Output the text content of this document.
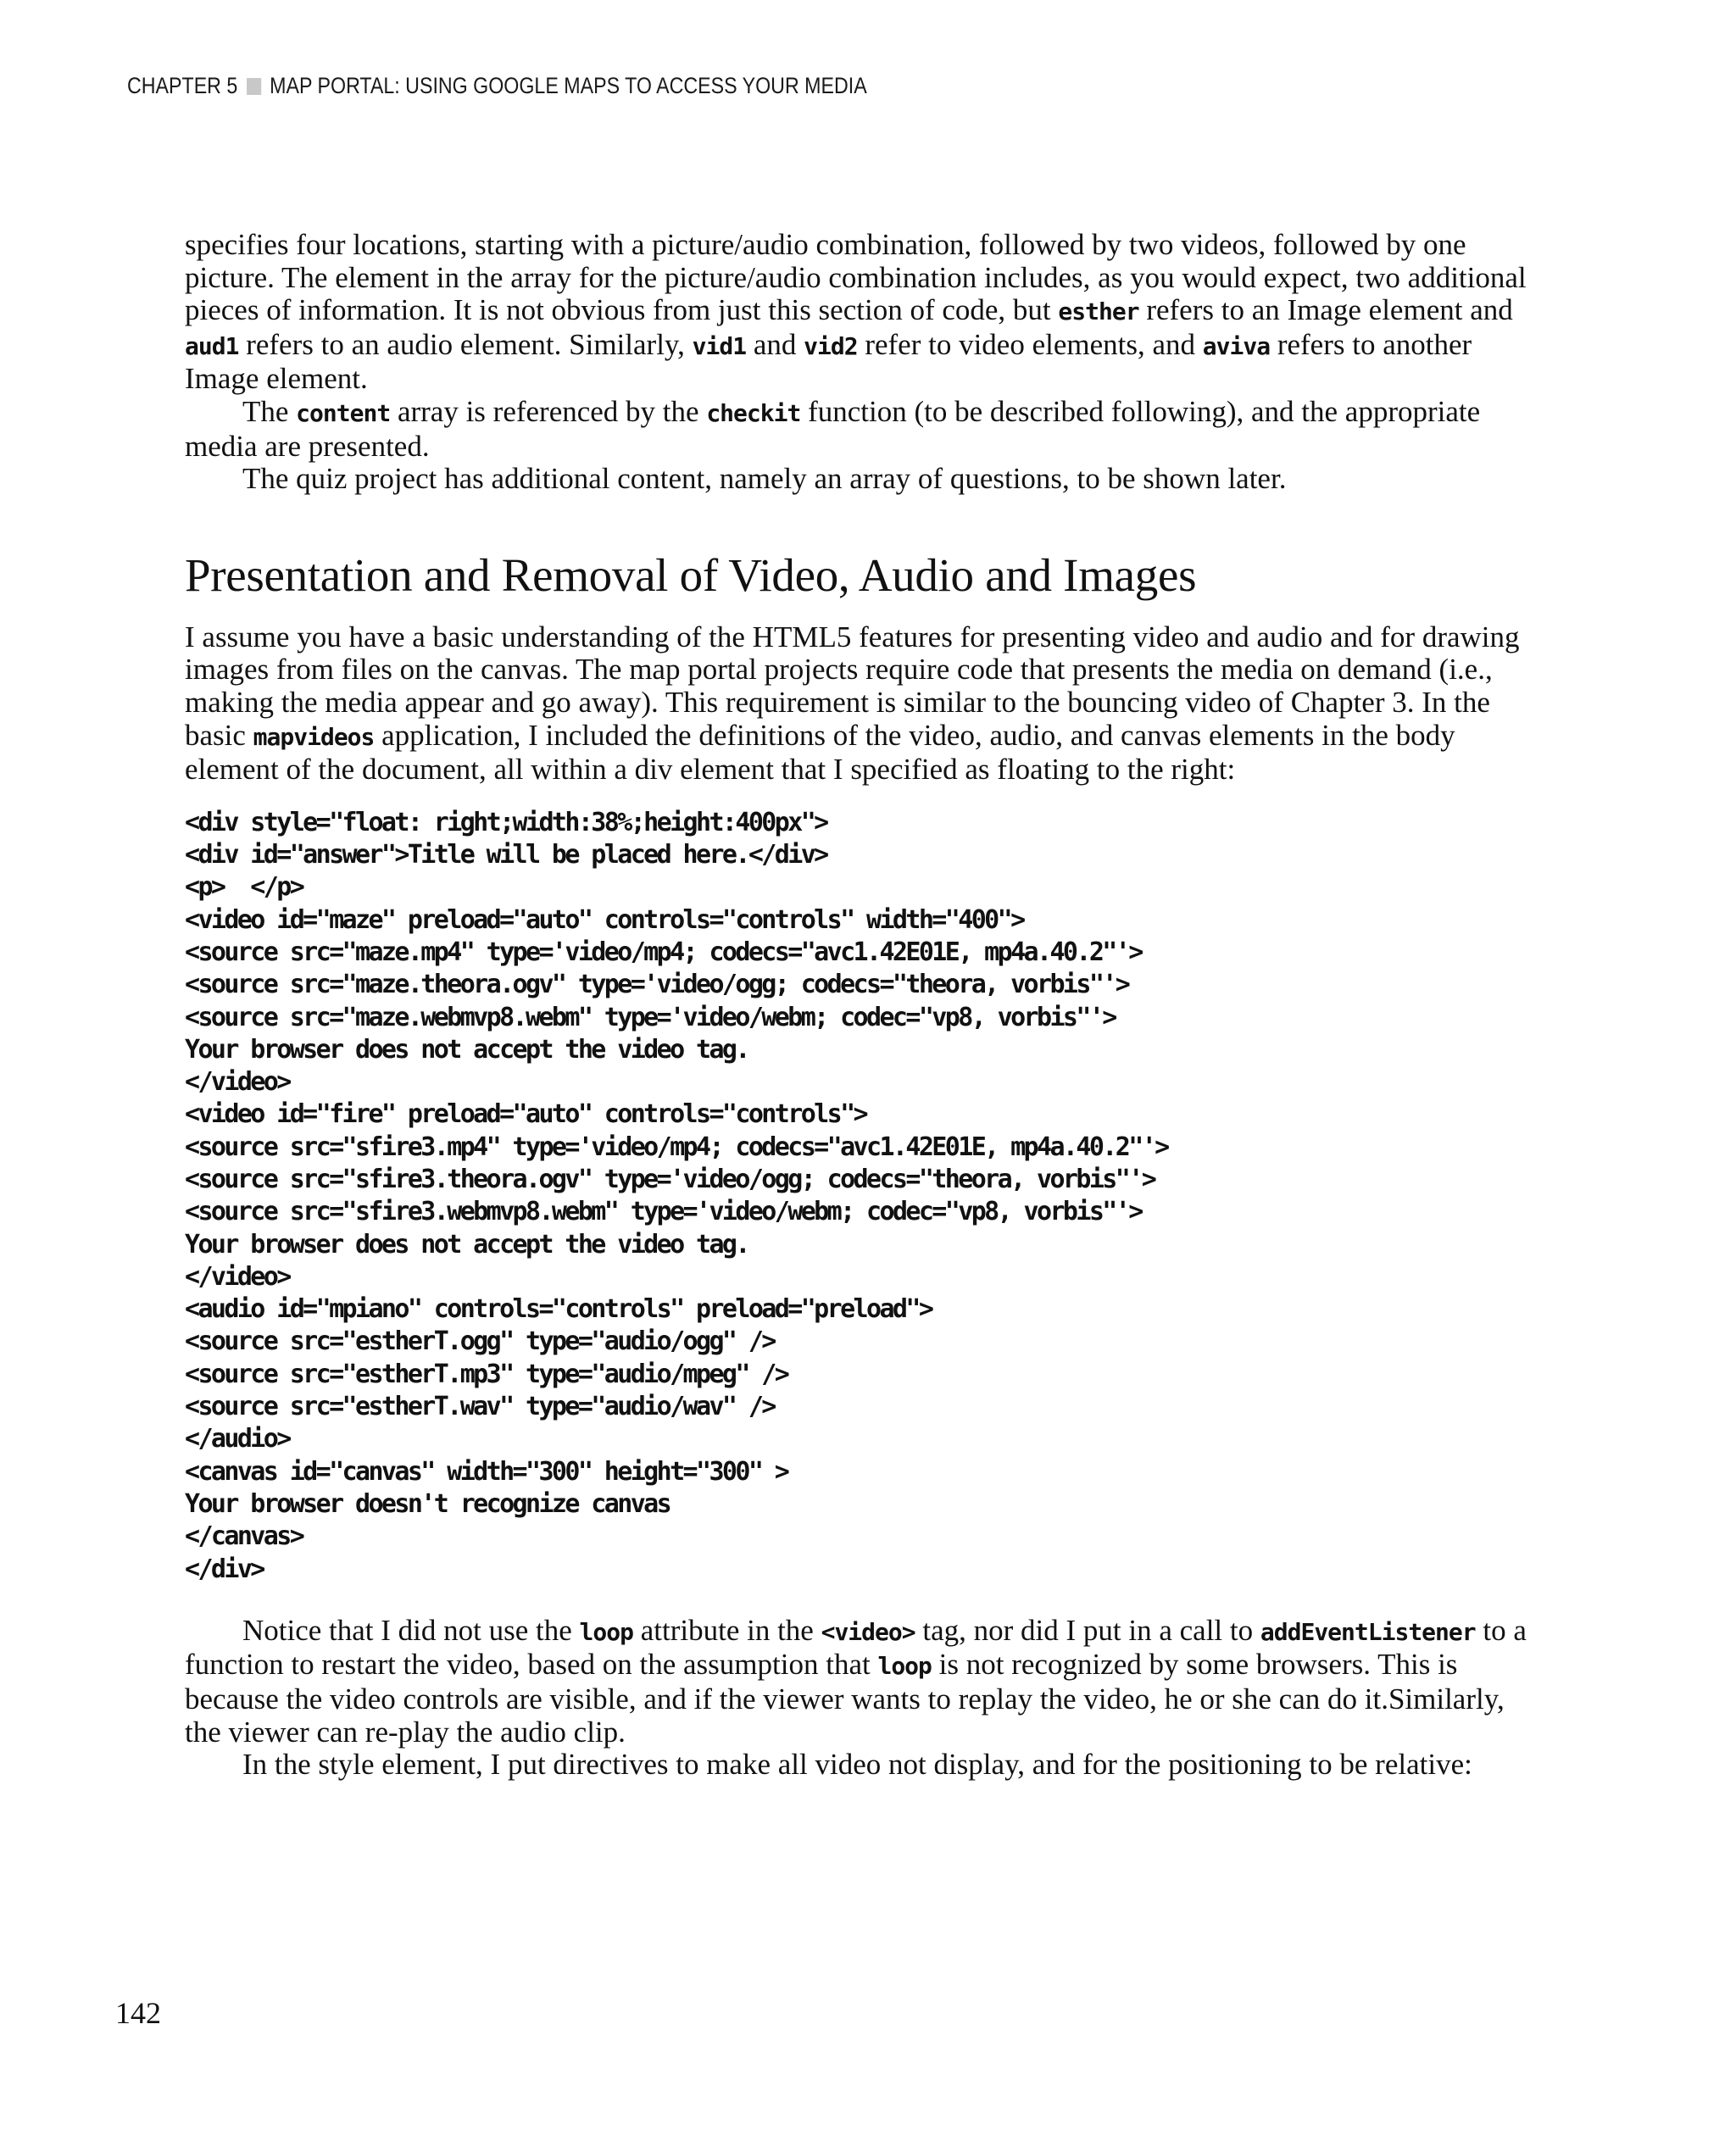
CHAPTER 5 MAP PORTAL: USING GOOGLE MAPS TO ACCESS YOUR MEDIA

specifies four locations, starting with a picture/audio combination, followed by two videos, followed by one picture. The element in the array for the picture/audio combination includes, as you would expect, two additional pieces of information. It is not obvious from just this section of code, but esther refers to an Image element and aud1 refers to an audio element. Similarly, vid1 and vid2 refer to video elements, and aviva refers to another Image element.

The content array is referenced by the checkit function (to be described following), and the appropriate media are presented.

The quiz project has additional content, namely an array of questions, to be shown later.

Presentation and Removal of Video, Audio and Images

I assume you have a basic understanding of the HTML5 features for presenting video and audio and for drawing images from files on the canvas. The map portal projects require code that presents the media on demand (i.e., making the media appear and go away). This requirement is similar to the bouncing video of Chapter 3. In the basic mapvideos application, I included the definitions of the video, audio, and canvas elements in the body element of the document, all within a div element that I specified as floating to the right:

<div style="float: right;width:38%;height:400px">
<div id="answer">Title will be placed here.</div>
<p>  </p>
<video id="maze" preload="auto" controls="controls" width="400">
<source src="maze.mp4" type='video/mp4; codecs="avc1.42E01E, mp4a.40.2"'>
<source src="maze.theora.ogv" type='video/ogg; codecs="theora, vorbis"'>
<source src="maze.webmvp8.webm" type='video/webm; codec="vp8, vorbis"'>
Your browser does not accept the video tag.
</video>
<video id="fire" preload="auto" controls="controls">
<source src="sfire3.mp4" type='video/mp4; codecs="avc1.42E01E, mp4a.40.2"'>
<source src="sfire3.theora.ogv" type='video/ogg; codecs="theora, vorbis"'>
<source src="sfire3.webmvp8.webm" type='video/webm; codec="vp8, vorbis"'>
Your browser does not accept the video tag.
</video>
<audio id="mpiano" controls="controls" preload="preload">
<source src="estherT.ogg" type="audio/ogg" />
<source src="estherT.mp3" type="audio/mpeg" />
<source src="estherT.wav" type="audio/wav" />
</audio>
<canvas id="canvas" width="300" height="300" >
Your browser doesn't recognize canvas
</canvas>
</div>

Notice that I did not use the loop attribute in the <video> tag, nor did I put in a call to addEventListener to a function to restart the video, based on the assumption that loop is not recognized by some browsers. This is because the video controls are visible, and if the viewer wants to replay the video, he or she can do it.Similarly, the viewer can re-play the audio clip.

In the style element, I put directives to make all video not display, and for the positioning to be relative:

142
